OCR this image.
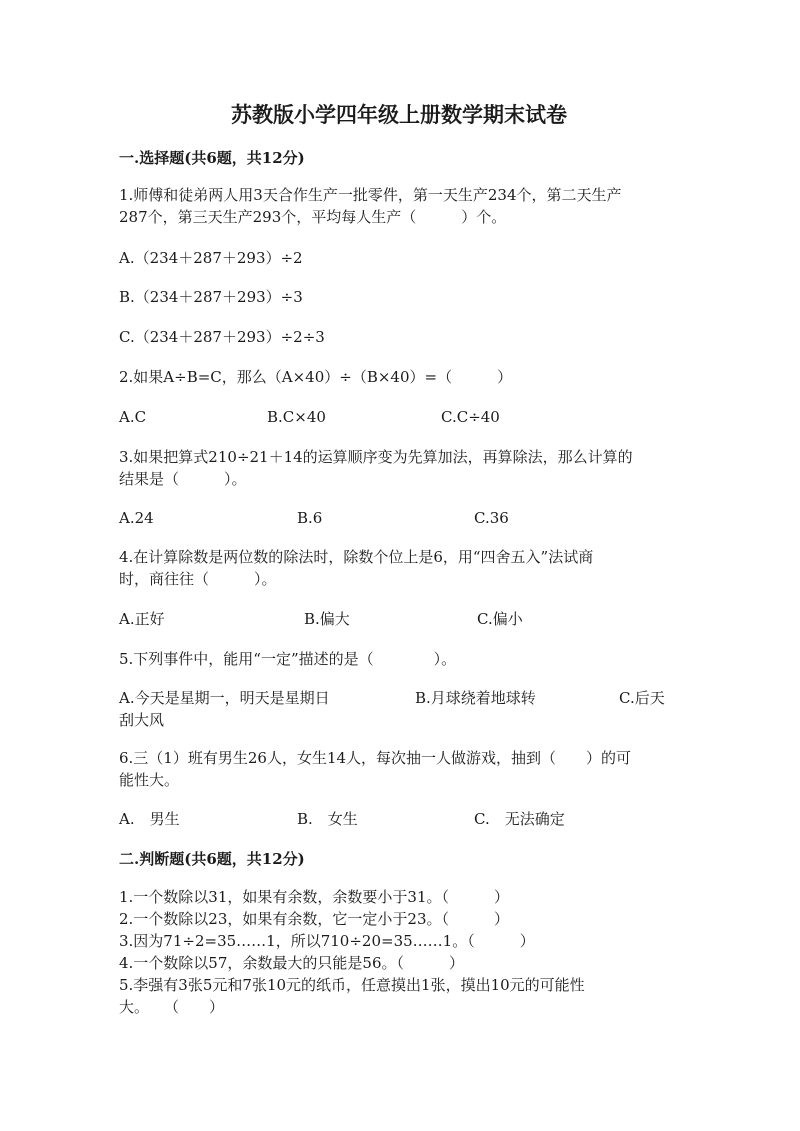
苏教版小学四年级上册数学期末试卷
一.选择题(共6题，共12分)
1.师傅和徒弟两人用3天合作生产一批零件，第一天生产234个，第二天生产
287个，第三天生产293个，平均每人生产（　　　）个。
A.（234＋287＋293）÷2
B.（234＋287＋293）÷3
C.（234＋287＋293）÷2÷3
2.如果A÷B=C，那么（A×40）÷（B×40）=（　　　）
A.C	B.C×40	C.C÷40
3.如果把算式210÷21＋14的运算顺序变为先算加法，再算除法，那么计算的
结果是（　　　）。
A.24	B.6	C.36
4.在计算除数是两位数的除法时，除数个位上是6，用“四舍五入”法试商
时，商往往（　　　）。
A.正好	B.偏大	C.偏小
5.下列事件中，能用“一定”描述的是（　　　　）。
A.今天是星期一，明天是星期日	B.月球绕着地球转	C.后天
刮大风
6.三（1）班有男生26人，女生14人，每次抽一人做游戏，抽到（　　）的可
能性大。
A.　男生	B.　女生	C.　无法确定
二.判断题(共6题，共12分)
1.一个数除以31，如果有余数，余数要小于31。（　　　）
2.一个数除以23，如果有余数，它一定小于23。（　　　）
3.因为71÷2=35……1，所以710÷20=35……1。（　　　）
4.一个数除以57，余数最大的只能是56。（　　　）
5.李强有3张5元和7张10元的纸币，任意摸出1张，摸出10元的可能性
大。　　（　　）
